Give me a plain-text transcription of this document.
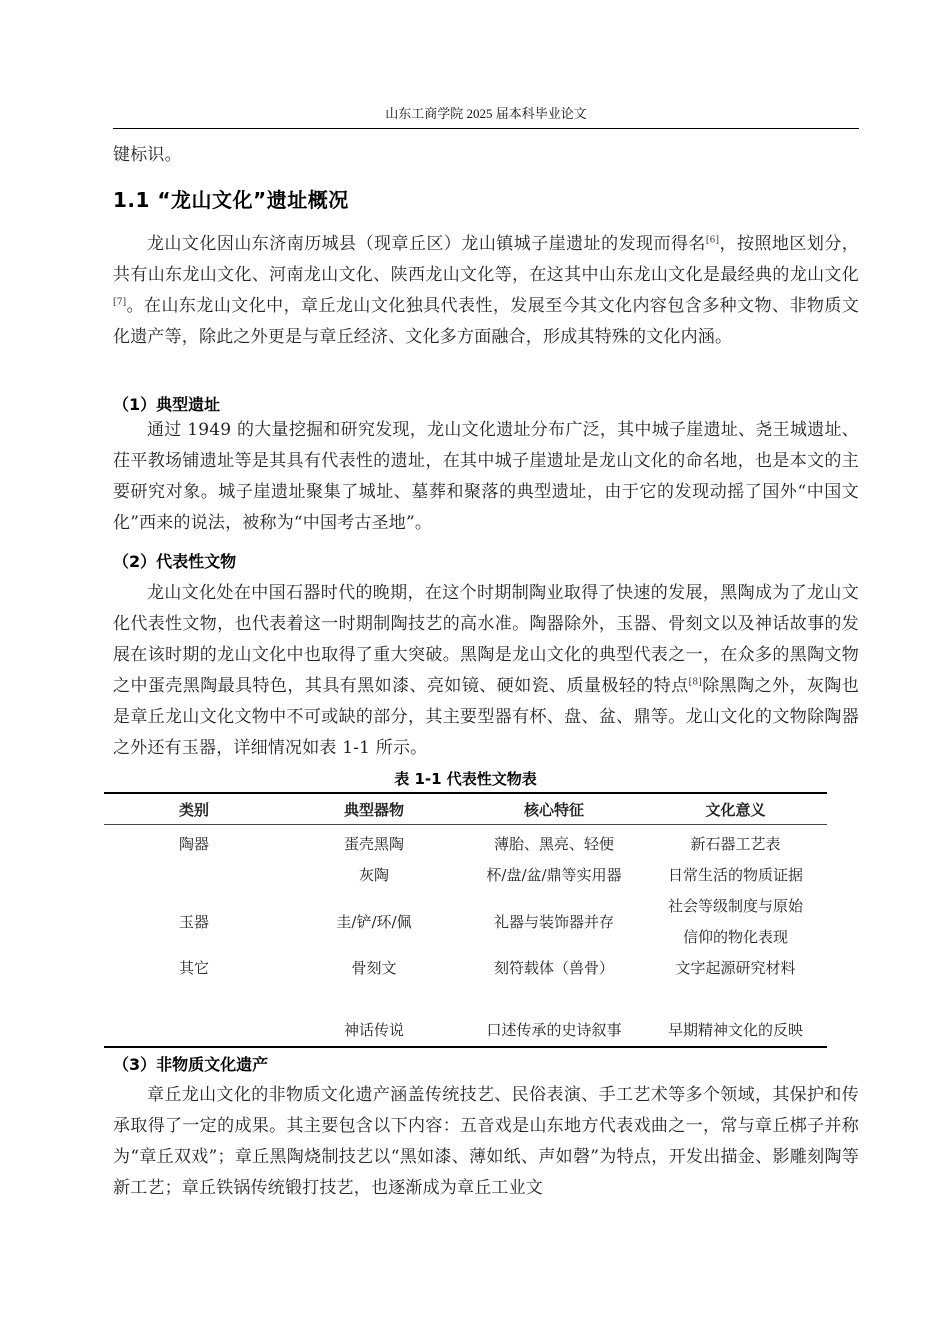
山东工商学院 2025 届本科毕业论文

键标识。

1.1 “龙山文化”遗址概况

龙山文化因山东济南历城县（现章丘区）龙山镇城子崖遗址的发现而得名[6]，按照地区划分，共有山东龙山文化、河南龙山文化、陕西龙山文化等，在这其中山东龙山文化是最经典的龙山文化[7]。在山东龙山文化中，章丘龙山文化独具代表性，发展至今其文化内容包含多种文物、非物质文化遗产等，除此之外更是与章丘经济、文化多方面融合，形成其特殊的文化内涵。

（1）典型遗址

通过 1949 的大量挖掘和研究发现，龙山文化遗址分布广泛，其中城子崖遗址、尧王城遗址、茌平教场铺遗址等是其具有代表性的遗址，在其中城子崖遗址是龙山文化的命名地，也是本文的主要研究对象。城子崖遗址聚集了城址、墓葬和聚落的典型遗址，由于它的发现动摇了国外“中国文化”西来的说法，被称为“中国考古圣地”。

（2）代表性文物

龙山文化处在中国石器时代的晚期，在这个时期制陶业取得了快速的发展，黑陶成为了龙山文化代表性文物，也代表着这一时期制陶技艺的高水准。陶器除外，玉器、骨刻文以及神话故事的发展在该时期的龙山文化中也取得了重大突破。黑陶是龙山文化的典型代表之一，在众多的黑陶文物之中蛋壳黑陶最具特色，其具有黑如漆、亮如镜、硬如瓷、质量极轻的特点[8]除黑陶之外，灰陶也是章丘龙山文化文物中不可或缺的部分，其主要型器有杯、盘、盆、鼎等。龙山文化的文物除陶器之外还有玉器，详细情况如表 1-1 所示。

表 1-1 代表性文物表
类别	典型器物	核心特征	文化意义
陶器	蛋壳黑陶	薄胎、黑亮、轻便	新石器工艺表
	灰陶	杯/盘/盆/鼎等实用器	日常生活的物质证据
玉器	圭/铲/环/佩	礼器与装饰器并存	社会等级制度与原始
信仰的物化表现

其它	骨刻文	刻符载体（兽骨）	文字起源研究材料

	神话传说	口述传承的史诗叙事	早期精神文化的反映
（3）非物质文化遗产

章丘龙山文化的非物质文化遗产涵盖传统技艺、民俗表演、手工艺术等多个领域，其保护和传承取得了一定的成果。其主要包含以下内容：五音戏是山东地方代表戏曲之一，常与章丘梆子并称为“章丘双戏”；章丘黑陶烧制技艺以“黑如漆、薄如纸、声如磬”为特点，开发出描金、影雕刻陶等新工艺；章丘铁锅传统锻打技艺，也逐渐成为章丘工业文
